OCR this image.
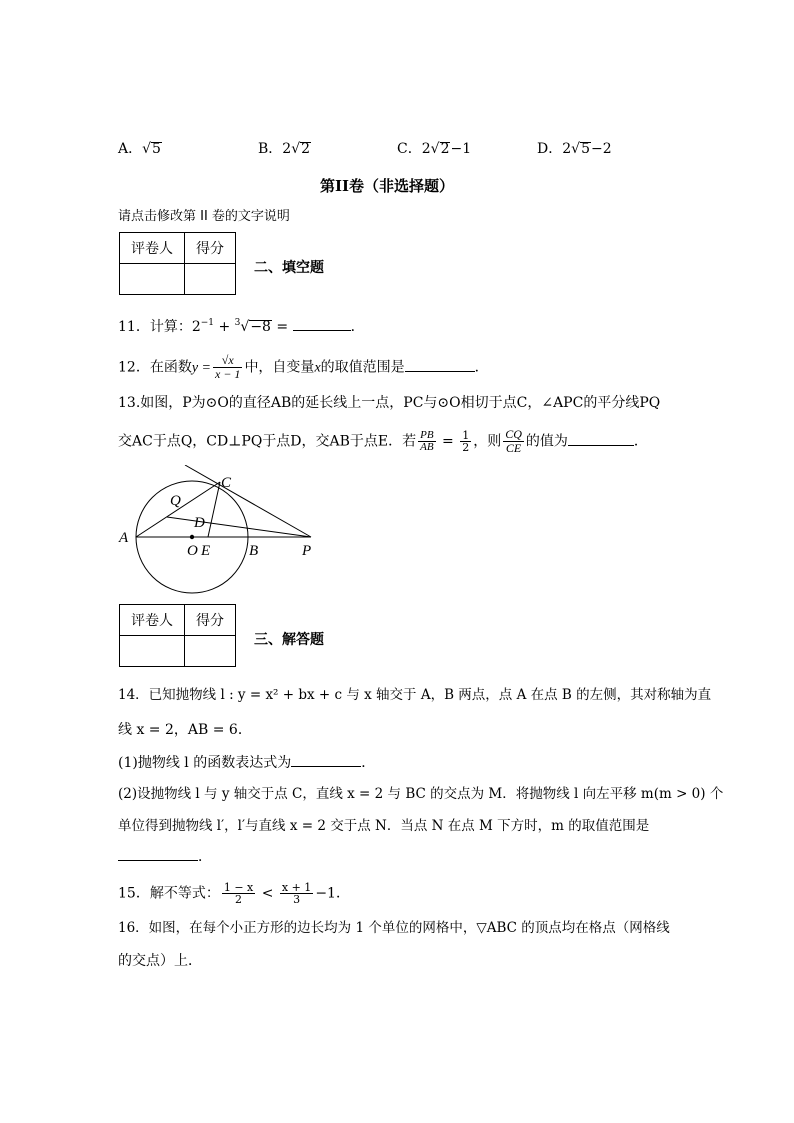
A．√5	B．2√2	C．2√2−1	D．2√5−2
第II卷（非选择题）
请点击修改第 II 卷的文字说明
评卷人	得分

二、填空题
11．计算：$2^{-1} + ^3√-8$ =	．
12．在函数$y = \frac{√x}{x - 1}$ 中，自变量x的取值范围是	．
13.如图，P为⊙O的直径AB的延长线上一点，PC与⊙O相切于点C，∠APC的平分线PQ
交AC于点Q，CD⊥PQ于点D，交AB于点E．若 $\frac{PB}{AB} = \frac{1}{2}$ ，则 $\frac{CQ}{CE}$ 的值为	．
A
O E	B	P
C
Q
D
评卷人	得分

三、解答题
14．已知抛物线 l : y = x² + bx + c 与 x 轴交于 A，B 两点，点 A 在点 B 的左侧，其对称轴为直
线 x = 2，AB = 6．
(1)抛物线 l 的函数表达式为	．
(2)设抛物线 l 与 y 轴交于点 C，直线 x = 2 与 BC 的交点为 M．将抛物线 l 向左平移 m(m > 0) 个
单位得到抛物线 l′，l′与直线 x = 2 交于点 N．当点 N 在点 M 下方时，m 的取值范围是
．
15．解不等式： $\frac{1 - x}{2} < \frac{x + 1}{3} -1$．
16．如图，在每个小正方形的边长均为 1 个单位的网格中，▽ABC 的顶点均在格点（网格线
的交点）上．
